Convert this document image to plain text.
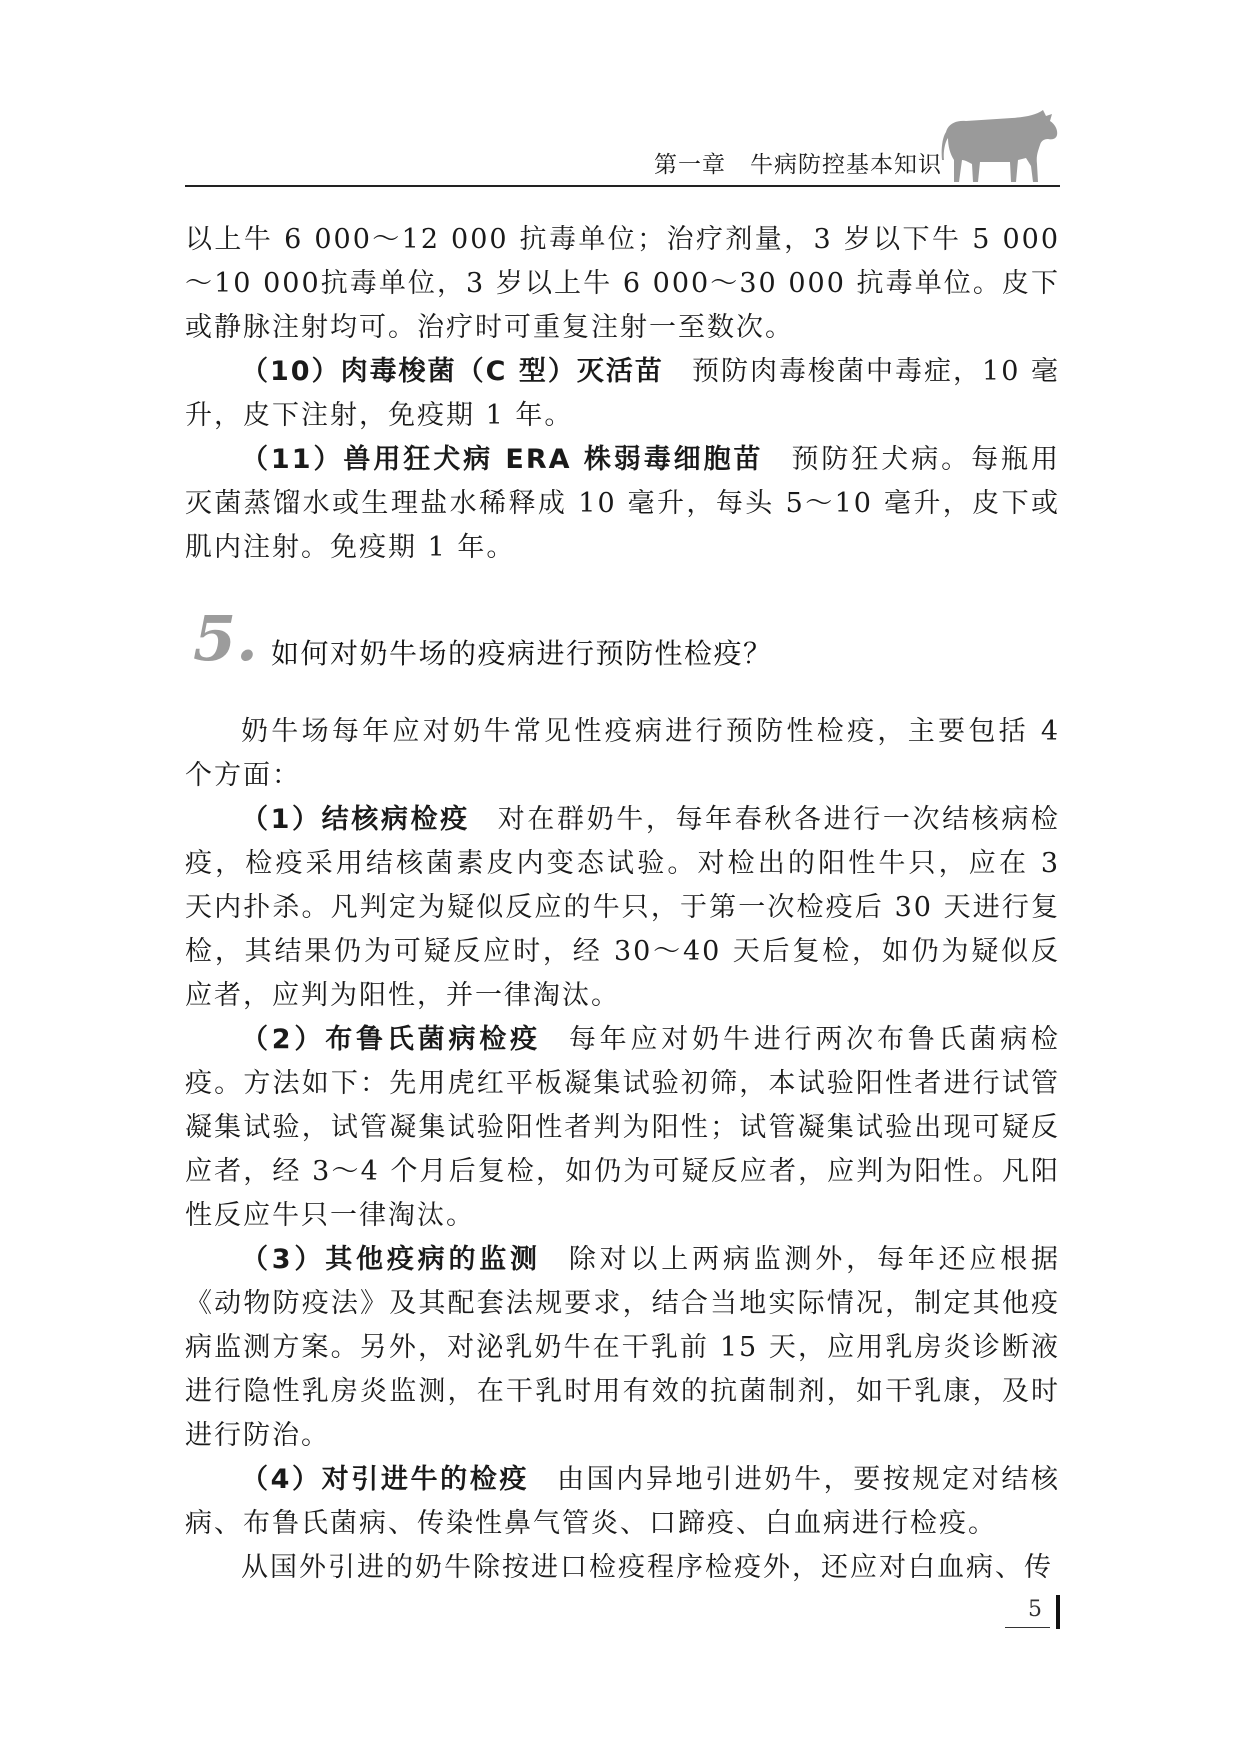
第一章　牛病防控基本知识

以上牛 6 000～12 000 抗毒单位；治疗剂量，3 岁以下牛 5 000～10 000抗毒单位，3 岁以上牛 6 000～30 000 抗毒单位。皮下或静脉注射均可。治疗时可重复注射一至数次。

（10）肉毒梭菌（C 型）灭活苗 预防肉毒梭菌中毒症，10 毫升，皮下注射，免疫期 1 年。

（11）兽用狂犬病 ERA 株弱毒细胞苗 预防狂犬病。每瓶用灭菌蒸馏水或生理盐水稀释成 10 毫升，每头 5～10 毫升，皮下或肌内注射。免疫期 1 年。

5. 如何对奶牛场的疫病进行预防性检疫？

奶牛场每年应对奶牛常见性疫病进行预防性检疫，主要包括 4 个方面：

（1）结核病检疫 对在群奶牛，每年春秋各进行一次结核病检疫，检疫采用结核菌素皮内变态试验。对检出的阳性牛只，应在 3 天内扑杀。凡判定为疑似反应的牛只，于第一次检疫后 30 天进行复检，其结果仍为可疑反应时，经 30～40 天后复检，如仍为疑似反应者，应判为阳性，并一律淘汰。

（2）布鲁氏菌病检疫 每年应对奶牛进行两次布鲁氏菌病检疫。方法如下：先用虎红平板凝集试验初筛，本试验阳性者进行试管凝集试验，试管凝集试验阳性者判为阳性；试管凝集试验出现可疑反应者，经 3～4 个月后复检，如仍为可疑反应者，应判为阳性。凡阳性反应牛只一律淘汰。

（3）其他疫病的监测 除对以上两病监测外，每年还应根据《动物防疫法》及其配套法规要求，结合当地实际情况，制定其他疫病监测方案。另外，对泌乳奶牛在干乳前 15 天，应用乳房炎诊断液进行隐性乳房炎监测，在干乳时用有效的抗菌制剂，如干乳康，及时进行防治。

（4）对引进牛的检疫 由国内异地引进奶牛，要按规定对结核病、布鲁氏菌病、传染性鼻气管炎、口蹄疫、白血病进行检疫。

从国外引进的奶牛除按进口检疫程序检疫外，还应对白血病、传

5
